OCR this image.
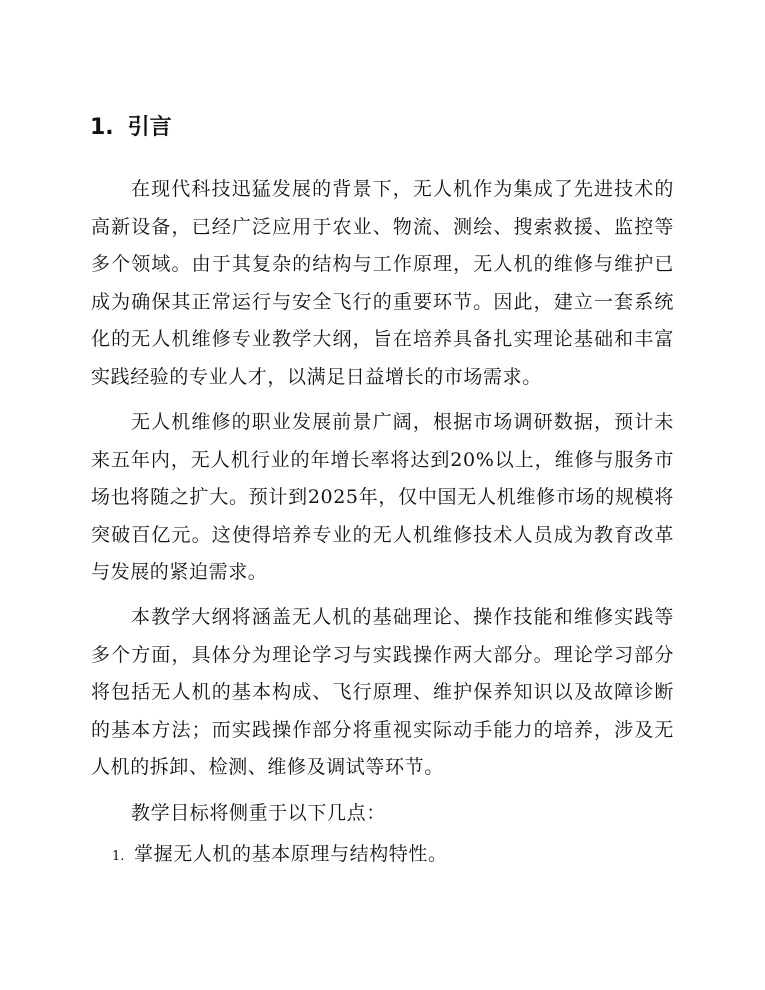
1. 引言

在现代科技迅猛发展的背景下，无人机作为集成了先进技术的高新设备，已经广泛应用于农业、物流、测绘、搜索救援、监控等多个领域。由于其复杂的结构与工作原理，无人机的维修与维护已成为确保其正常运行与安全飞行的重要环节。因此，建立一套系统化的无人机维修专业教学大纲，旨在培养具备扎实理论基础和丰富实践经验的专业人才，以满足日益增长的市场需求。

无人机维修的职业发展前景广阔，根据市场调研数据，预计未来五年内，无人机行业的年增长率将达到20%以上，维修与服务市场也将随之扩大。预计到2025年，仅中国无人机维修市场的规模将突破百亿元。这使得培养专业的无人机维修技术人员成为教育改革与发展的紧迫需求。

本教学大纲将涵盖无人机的基础理论、操作技能和维修实践等多个方面，具体分为理论学习与实践操作两大部分。理论学习部分将包括无人机的基本构成、飞行原理、维护保养知识以及故障诊断的基本方法；而实践操作部分将重视实际动手能力的培养，涉及无人机的拆卸、检测、维修及调试等环节。

教学目标将侧重于以下几点：

1. 掌握无人机的基本原理与结构特性。
